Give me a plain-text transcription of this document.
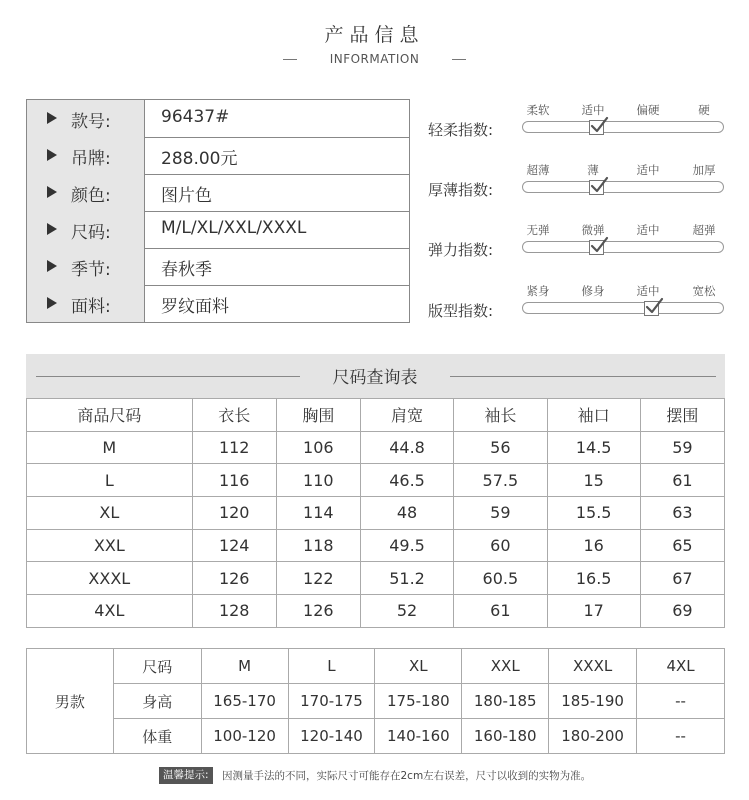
产品信息
INFORMATION
款号:	96437#
吊牌:	288.00元
颜色:	图片色
尺码:	M/L/XL/XXL/XXXL
季节:	春秋季
面料:	罗纹面料
轻柔指数:
柔软	适中	偏硬	硬
厚薄指数:
超薄	薄	适中	加厚
弹力指数:
无弹	微弹	适中	超弹
版型指数:
紧身	修身	适中	宽松
尺码查询表
商品尺码	衣长	胸围	肩宽	袖长	袖口	摆围
M	112	106	44.8	56	14.5	59
L	116	110	46.5	57.5	15	61
XL	120	114	48	59	15.5	63
XXL	124	118	49.5	60	16	65
XXXL	126	122	51.2	60.5	16.5	67
4XL	128	126	52	61	17	69
男款	尺码	M	L	XL	XXL	XXXL	4XL
	身高	165-170	170-175	175-180	180-185	185-190	--
	体重	100-120	120-140	140-160	160-180	180-200	--
温馨提示:	因测量手法的不同，实际尺寸可能存在2cm左右误差，尺寸以收到的实物为准。
